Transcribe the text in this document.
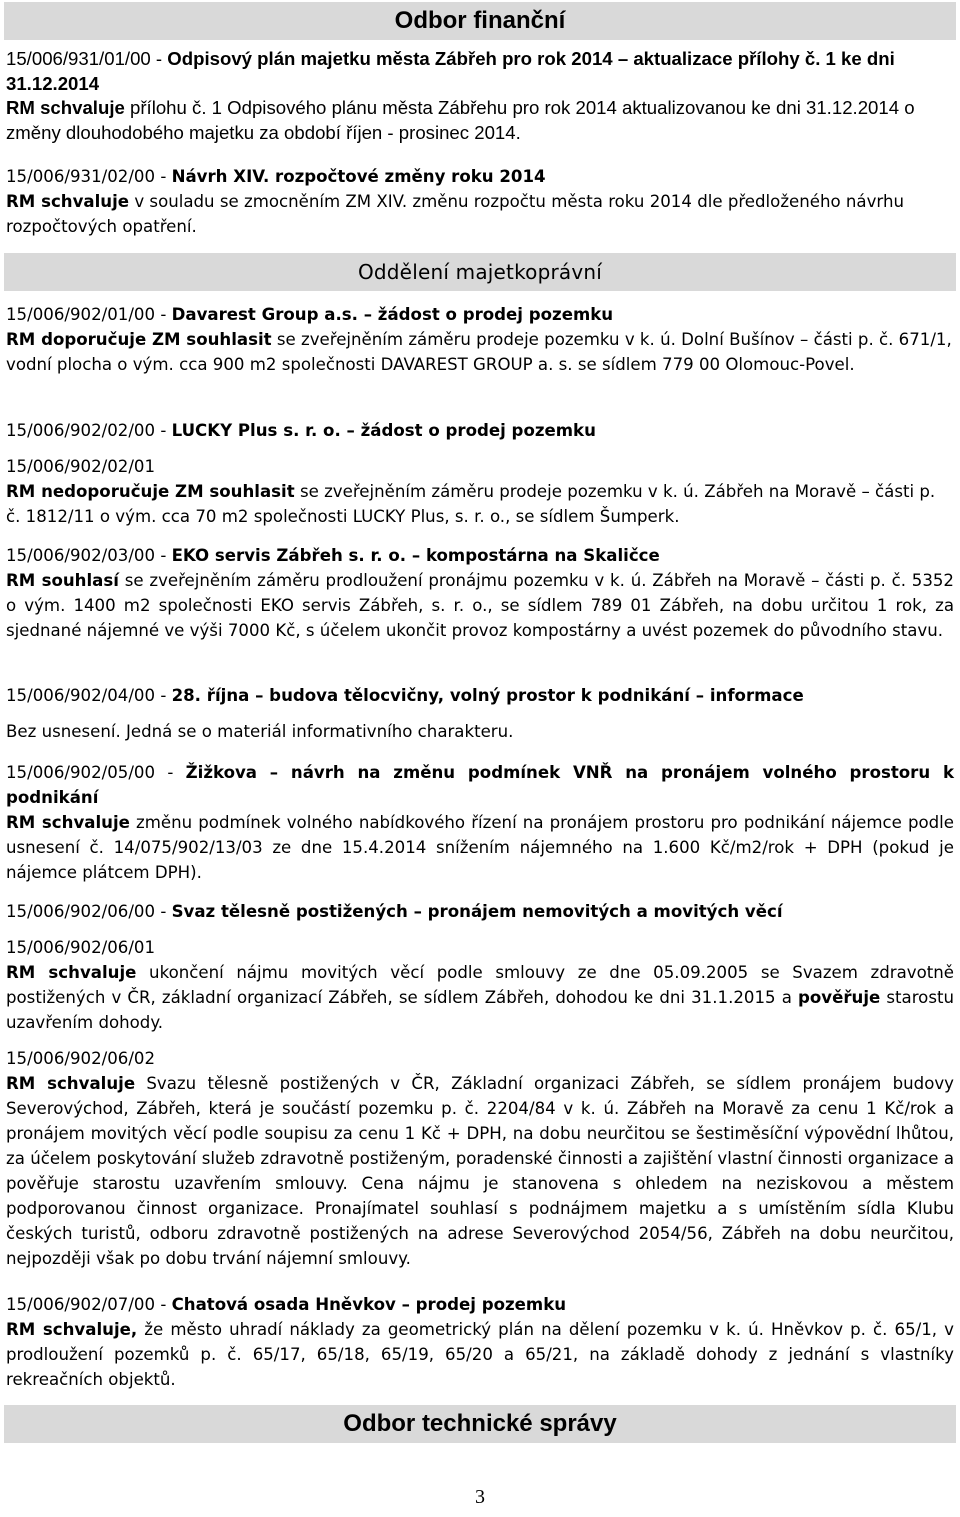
Odbor finanční

15/006/931/01/00 - Odpisový plán majetku města Zábřeh pro rok 2014 – aktualizace přílohy č. 1 ke dni 31.12.2014
RM schvaluje přílohu č. 1 Odpisového plánu města Zábřehu pro rok 2014 aktualizovanou ke dni 31.12.2014 o změny dlouhodobého majetku za období říjen - prosinec 2014.

15/006/931/02/00 - Návrh XIV. rozpočtové změny roku 2014
RM schvaluje v souladu se zmocněním ZM XIV. změnu rozpočtu města roku 2014 dle předloženého návrhu rozpočtových opatření.

Oddělení majetkoprávní

15/006/902/01/00 - Davarest Group a.s. – žádost o prodej pozemku
RM doporučuje ZM souhlasit se zveřejněním záměru prodeje pozemku v k. ú. Dolní Bušínov – části p. č. 671/1, vodní plocha o vým. cca 900 m2 společnosti DAVAREST GROUP a. s. se sídlem 779 00 Olomouc-Povel.

15/006/902/02/00 - LUCKY Plus s. r. o. – žádost o prodej pozemku

15/006/902/02/01

RM nedoporučuje ZM souhlasit se zveřejněním záměru prodeje pozemku v k. ú. Zábřeh na Moravě – části p. č. 1812/11 o vým. cca 70 m2 společnosti LUCKY Plus, s. r. o., se sídlem Šumperk.

15/006/902/03/00 - EKO servis Zábřeh s. r. o. – kompostárna na Skaličce
RM souhlasí se zveřejněním záměru prodloužení pronájmu pozemku v k. ú. Zábřeh na Moravě – části p. č. 5352 o vým. 1400 m2 společnosti EKO servis Zábřeh, s. r. o., se sídlem 789 01 Zábřeh, na dobu určitou 1 rok, za sjednané nájemné ve výši 7000 Kč, s účelem ukončit provoz kompostárny a uvést pozemek do původního stavu.

15/006/902/04/00 - 28. října – budova tělocvičny, volný prostor k podnikání – informace

Bez usnesení. Jedná se o materiál informativního charakteru.

15/006/902/05/00 - Žižkova – návrh na změnu podmínek VNŘ na pronájem volného prostoru k podnikání
RM schvaluje změnu podmínek volného nabídkového řízení na pronájem prostoru pro podnikání nájemce podle usnesení č. 14/075/902/13/03 ze dne 15.4.2014 snížením nájemného na 1.600 Kč/m2/rok + DPH (pokud je nájemce plátcem DPH).

15/006/902/06/00 - Svaz tělesně postižených – pronájem nemovitých a movitých věcí

15/006/902/06/01

RM schvaluje ukončení nájmu movitých věcí podle smlouvy ze dne 05.09.2005 se Svazem zdravotně postižených v ČR, základní organizací Zábřeh, se sídlem Zábřeh, dohodou ke dni 31.1.2015 a pověřuje starostu uzavřením dohody.

15/006/902/06/02

RM schvaluje Svazu tělesně postižených v ČR, Základní organizaci Zábřeh, se sídlem pronájem budovy Severovýchod, Zábřeh, která je součástí pozemku p. č. 2204/84 v k. ú. Zábřeh na Moravě za cenu 1 Kč/rok a pronájem movitých věcí podle soupisu za cenu 1 Kč + DPH, na dobu neurčitou se šestiměsíční výpovědní lhůtou, za účelem poskytování služeb zdravotně postiženým, poradenské činnosti a zajištění vlastní činnosti organizace a pověřuje starostu uzavřením smlouvy. Cena nájmu je stanovena s ohledem na neziskovou a městem podporovanou činnost organizace. Pronajímatel souhlasí s podnájmem majetku a s umístěním sídla Klubu českých turistů, odboru zdravotně postižených na adrese Severovýchod 2054/56, Zábřeh na dobu neurčitou, nejpozději však po dobu trvání nájemní smlouvy.

15/006/902/07/00 - Chatová osada Hněvkov – prodej pozemku
RM schvaluje, že město uhradí náklady za geometrický plán na dělení pozemku v k. ú. Hněvkov p. č. 65/1, v prodloužení pozemků p. č. 65/17, 65/18, 65/19, 65/20 a 65/21, na základě dohody z jednání s vlastníky rekreačních objektů.

Odbor technické správy
3
